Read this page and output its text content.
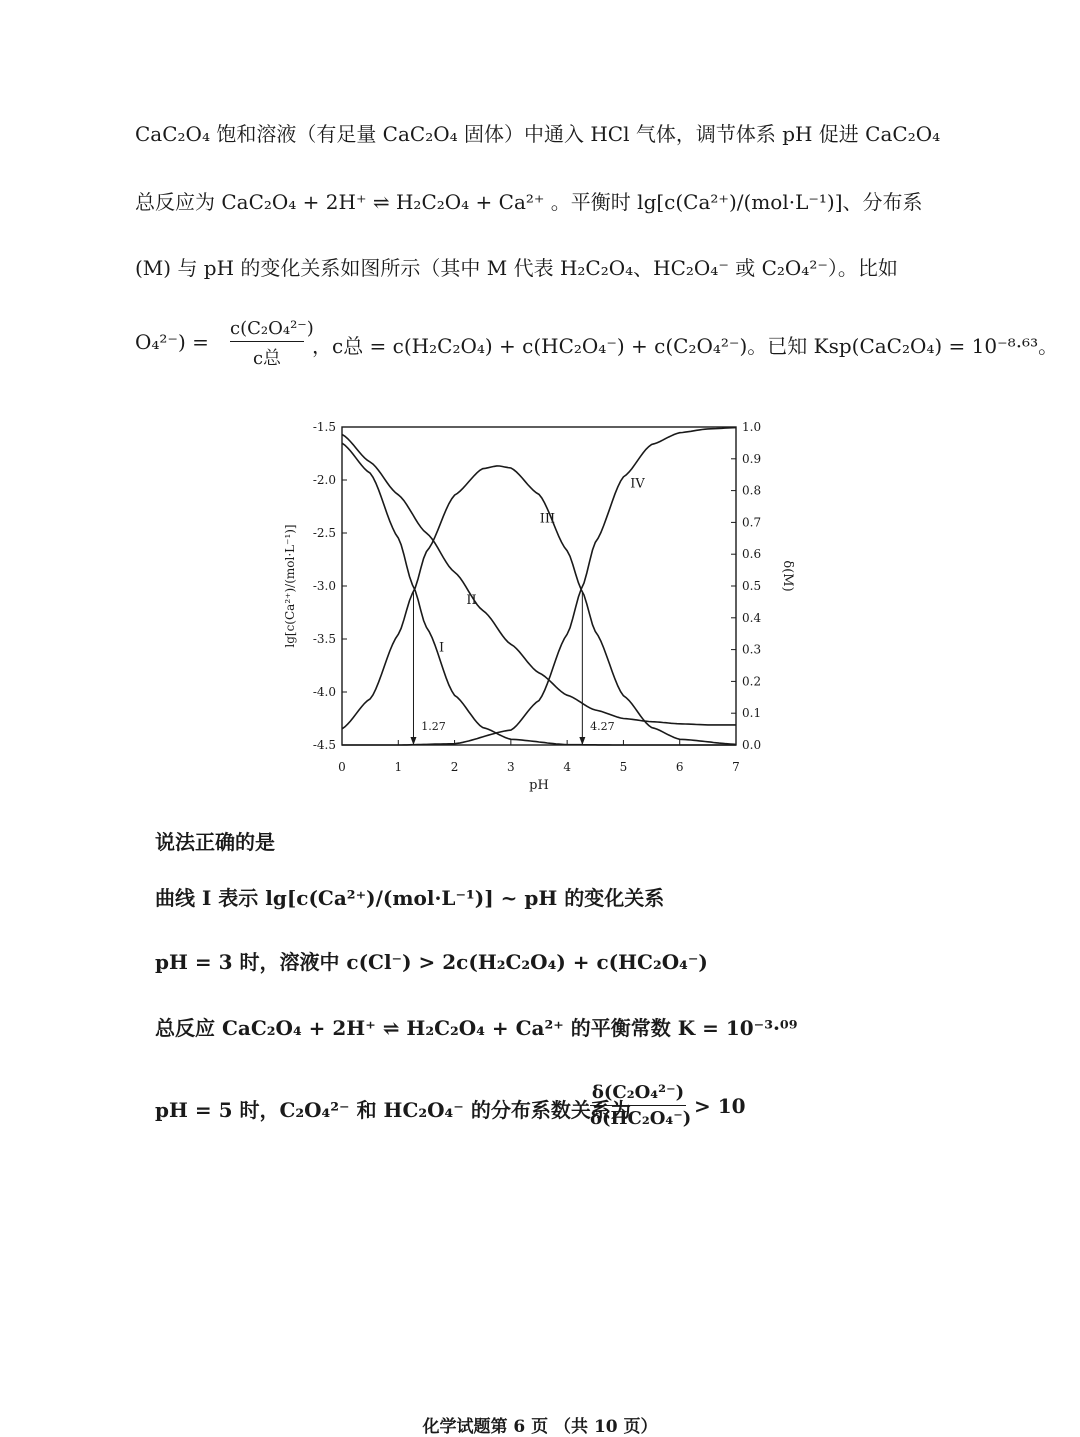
CaC₂O₄ 饱和溶液（有足量 CaC₂O₄ 固体）中通入 HCl 气体，调节体系 pH 促进 CaC₂O₄
总反应为 CaC₂O₄ + 2H⁺ ⇌ H₂C₂O₄ + Ca²⁺ 。平衡时 lg[c(Ca²⁺)/(mol·L⁻¹)]、分布系
(M) 与 pH 的变化关系如图所示（其中 M 代表 H₂C₂O₄、HC₂O₄⁻ 或 C₂O₄²⁻）。比如
O₄²⁻) =
c(C₂O₄²⁻)
c总
，c总 = c(H₂C₂O₄) + c(HC₂O₄⁻) + c(C₂O₄²⁻)。已知 Ksp(CaC₂O₄) = 10⁻⁸·⁶³。
0	1	2	3	4	5	6	7
-1.5
-2.0
-2.5
-3.0
-3.5
-4.0
-4.5
1.0
0.9
0.8
0.7
0.6
0.5
0.4
0.3
0.2
0.1
0.0
pH
lg[c(Ca²⁺)/(mol·L⁻¹)]	δ(M)
1.27	4.27
I
II
III
IV
说法正确的是
曲线 I 表示 lg[c(Ca²⁺)/(mol·L⁻¹)] ~ pH 的变化关系
pH = 3 时，溶液中 c(Cl⁻) > 2c(H₂C₂O₄) + c(HC₂O₄⁻)
总反应 CaC₂O₄ + 2H⁺ ⇌ H₂C₂O₄ + Ca²⁺ 的平衡常数 K = 10⁻³·⁰⁹
pH = 5 时，C₂O₄²⁻ 和 HC₂O₄⁻ 的分布系数关系为
$\frac{\text{δ(C₂O₄²⁻)}}{\text{δ(HC₂O₄⁻)}} > 10$
化学试题第 6 页 （共 10 页）
